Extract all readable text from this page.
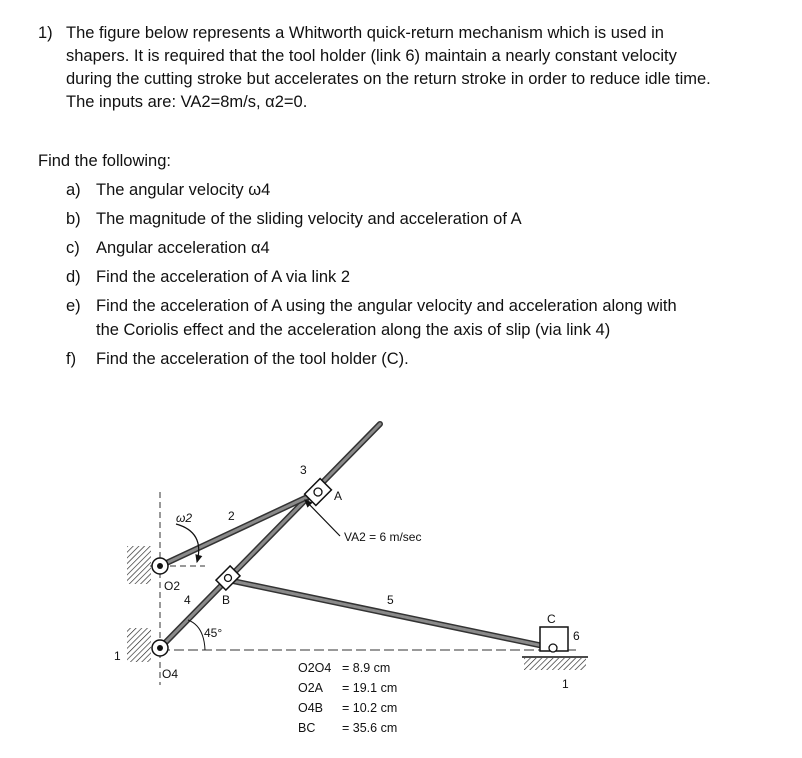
1) The figure below represents a Whitworth quick-return mechanism which is used in
shapers. It is required that the tool holder (link 6) maintain a nearly constant velocity
during the cutting stroke but accelerates on the return stroke in order to reduce idle time.
The inputs are: VA2=8m/s, α2=0.
Find the following:
a) The angular velocity ω4
b) The magnitude of the sliding velocity and acceleration of A
c) Angular acceleration α4
d) Find the acceleration of A via link 2
e) Find the acceleration of A using the angular velocity and acceleration along with
the Coriolis effect and the acceleration along the axis of slip (via link 4)
f) Find the acceleration of the tool holder (C).
ω2	2
3
A
VA2 = 6 m/sec
O2
4	B	5
C
6
45°
1
O4
1
O2O4 = 8.9 cm
O2A = 19.1 cm
O4B = 10.2 cm
BC = 35.6 cm
